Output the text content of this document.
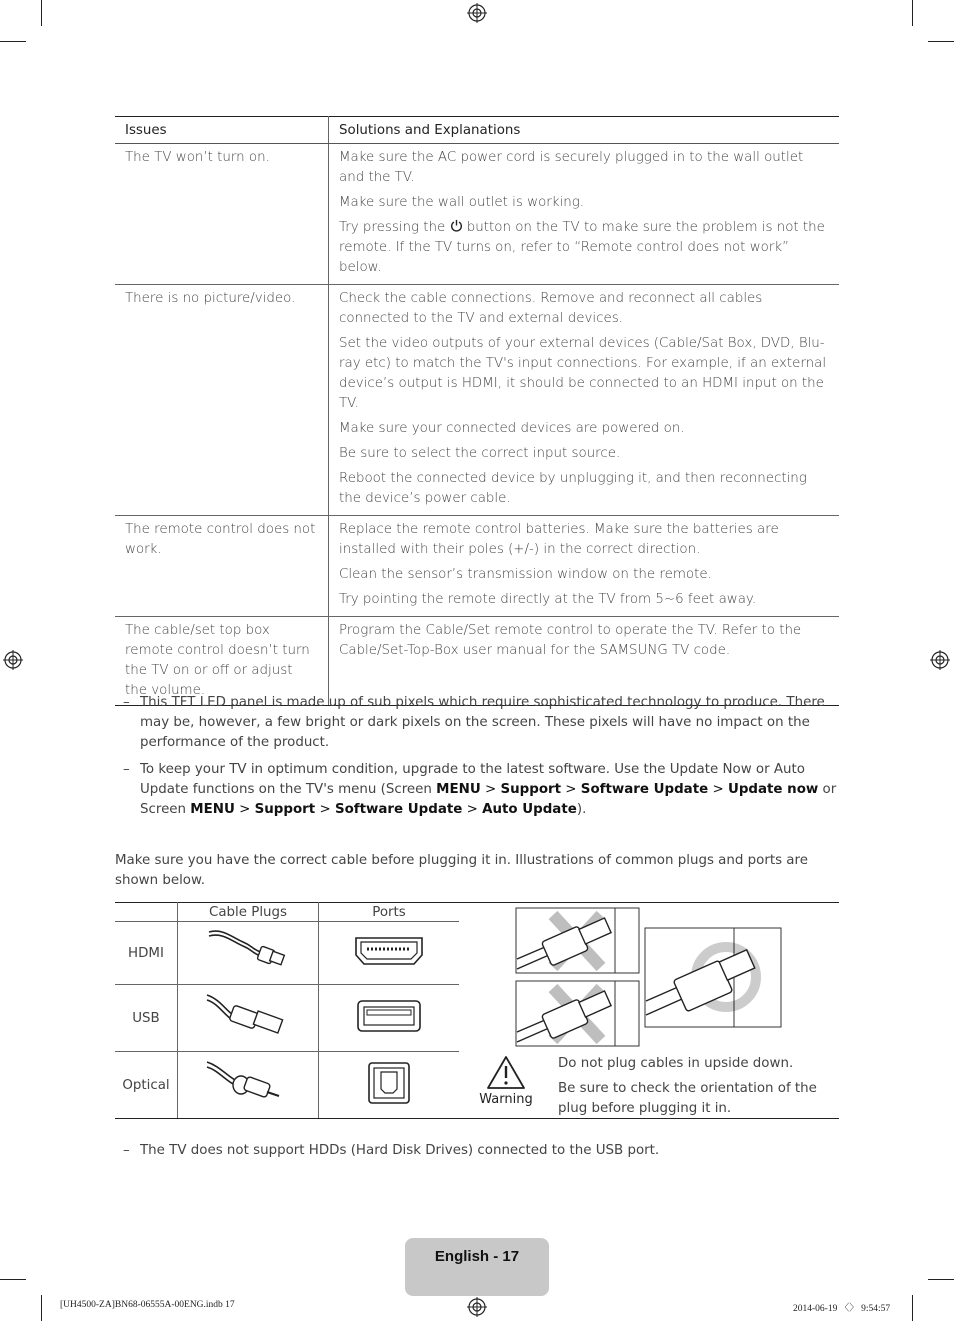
Issues	Solutions and Explanations
The TV won’t turn on.	Make sure the AC power cord is securely plugged in to the wall outlet and the TV.

Make sure the wall outlet is working.

Try pressing the  button on the TV to make sure the problem is not the remote. If the TV turns on, refer to “Remote control does not work” below.

There is no picture/video.	Check the cable connections. Remove and reconnect all cables connected to the TV and external devices.

Set the video outputs of your external devices (Cable/Sat Box, DVD, Blu-ray etc) to match the TV's input connections. For example, if an external device’s output is HDMI, it should be connected to an HDMI input on the TV.

Make sure your connected devices are powered on.

Be sure to select the correct input source.

Reboot the connected device by unplugging it, and then reconnecting the device’s power cable.

The remote control does not work.	Replace the remote control batteries. Make sure the batteries are installed with their poles (+/-) in the correct direction.

Clean the sensor’s transmission window on the remote.

Try pointing the remote directly at the TV from 5~6 feet away.

The cable/set top box remote control doesn’t turn the TV on or off or adjust the volume.	Program the Cable/Set remote control to operate the TV. Refer to the Cable/Set-Top-Box user manual for the SAMSUNG TV code.

– This TFT LED panel is made up of sub pixels which require sophisticated technology to produce. There may be, however, a few bright or dark pixels on the screen. These pixels will have no impact on the performance of the product.
– To keep your TV in optimum condition, upgrade to the latest software. Use the Update Now or Auto Update functions on the TV's menu (Screen MENU > Support > Software Update > Update now or Screen MENU > Support > Software Update > Auto Update).
Make sure you have the correct cable before plugging it in. Illustrations of common plugs and ports are shown below.
	Cable Plugs	Ports
HDMI		
USB		
Optical		
Warning
Do not plug cables in upside down.
Be sure to check the orientation of the plug before plugging it in.
– The TV does not support HDDs (Hard Disk Drives) connected to the USB port.
English - 17
[UH4500-ZA]BN68-06555A-00ENG.indb 17	2014-06-19 〈〉 9:54:57
